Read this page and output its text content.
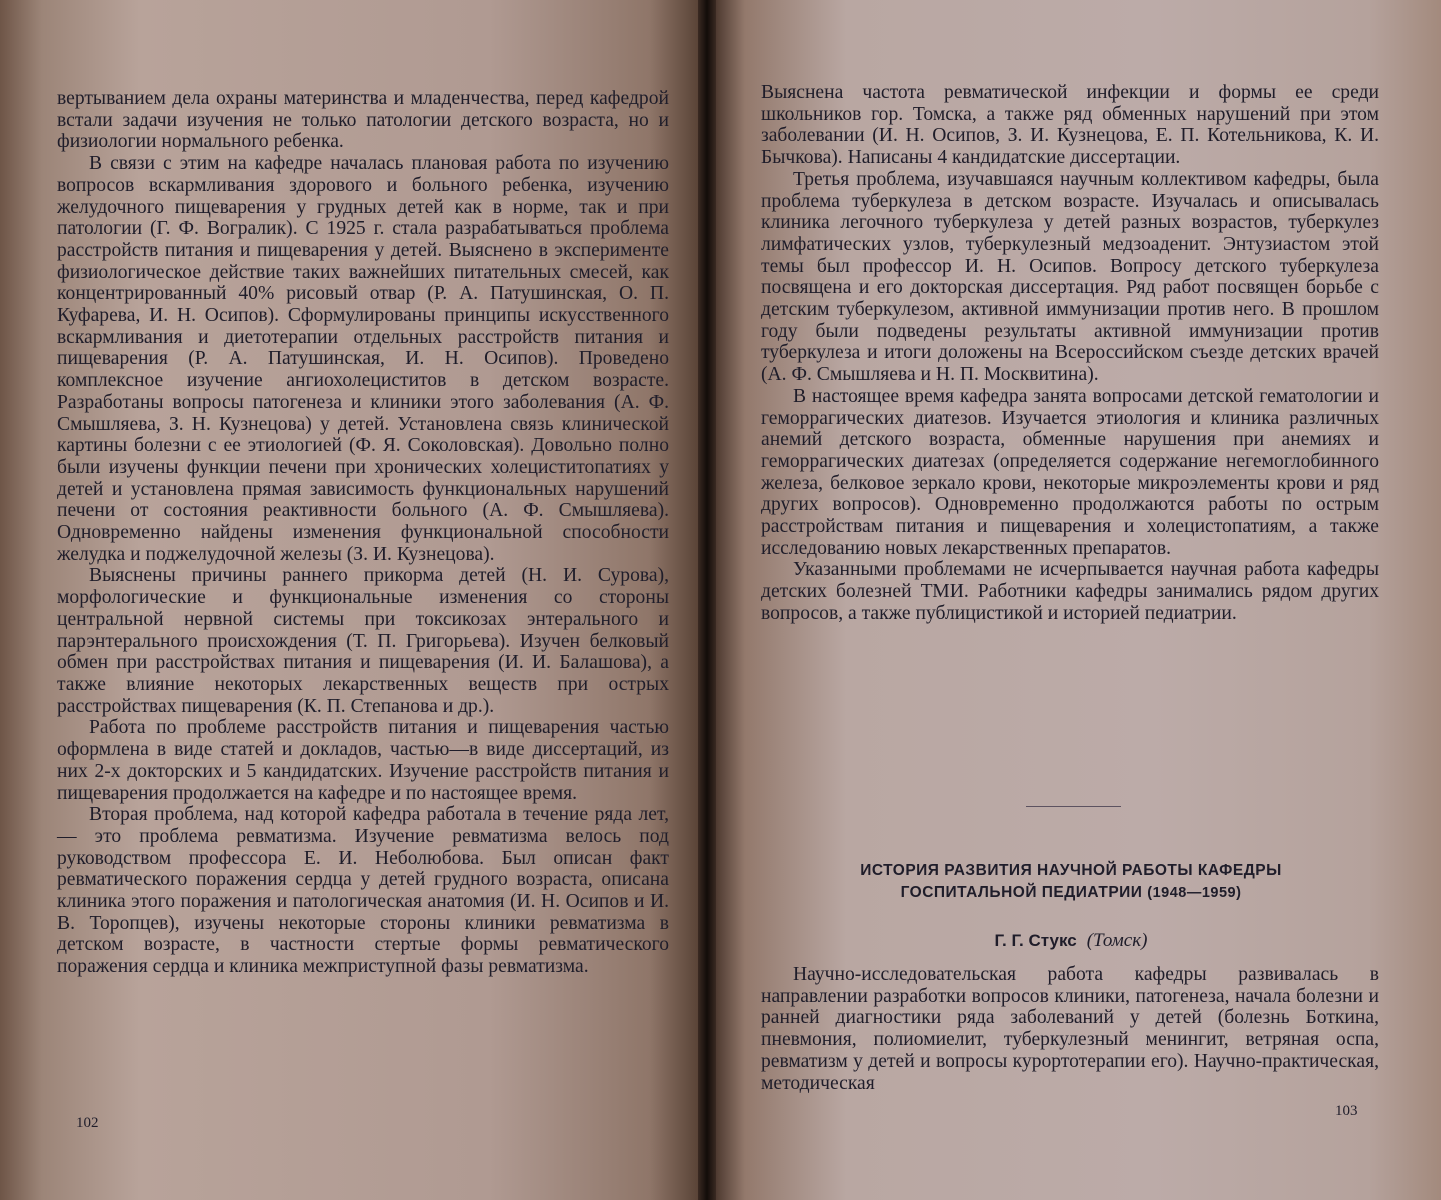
вертыванием дела охраны материнства и младенчества, перед кафедрой встали задачи изучения не только патологии детского возраста, но и физиологии нормального ребенка.

В связи с этим на кафедре началась плановая работа по изучению вопросов вскармливания здорового и больного ребенка, изучению желудочного пищеварения у грудных детей как в норме, так и при патологии (Г. Ф. Вогралик). С 1925 г. стала разрабатываться проблема расстройств питания и пищеварения у детей. Выяснено в эксперименте физиологическое действие таких важнейших питательных смесей, как концентрированный 40% рисовый отвар (Р. А. Патушинская, О. П. Куфарева, И. Н. Осипов). Сформулированы принципы искусственного вскармливания и диетотерапии отдельных расстройств питания и пищеварения (Р. А. Патушинская, И. Н. Осипов). Проведено комплексное изучение ангиохолециститов в детском возрасте. Разработаны вопросы патогенеза и клиники этого заболевания (А. Ф. Смышляева, З. Н. Кузнецова) у детей. Установлена связь клинической картины болезни с ее этиологией (Ф. Я. Соколовская). Довольно полно были изучены функции печени при хронических холециститопатиях у детей и установлена прямая зависимость функциональных нарушений печени от состояния реактивности больного (А. Ф. Смышляева). Одновременно найдены изменения функциональной способности желудка и поджелудочной железы (З. И. Кузнецова).

Выяснены причины раннего прикорма детей (Н. И. Сурова), морфологические и функциональные изменения со стороны центральной нервной системы при токсикозах энтерального и парэнтерального происхождения (Т. П. Григорьева). Изучен белковый обмен при расстройствах питания и пищеварения (И. И. Балашова), а также влияние некоторых лекарственных веществ при острых расстройствах пищеварения (К. П. Степанова и др.).

Работа по проблеме расстройств питания и пищеварения частью оформлена в виде статей и докладов, частью—в виде диссертаций, из них 2-х докторских и 5 кандидатских. Изучение расстройств питания и пищеварения продолжается на кафедре и по настоящее время.

Вторая проблема, над которой кафедра работала в течение ряда лет, — это проблема ревматизма. Изучение ревматизма велось под руководством профессора Е. И. Неболюбова. Был описан факт ревматического поражения сердца у детей грудного возраста, описана клиника этого поражения и патологическая анатомия (И. Н. Осипов и И. В. Торопцев), изучены некоторые стороны клиники ревматизма в детском возрасте, в частности стертые формы ревматического поражения сердца и клиника межприступной фазы ревматизма.

102

Выяснена частота ревматической инфекции и формы ее среди школьников гор. Томска, а также ряд обменных нарушений при этом заболевании (И. Н. Осипов, З. И. Кузнецова, Е. П. Котельникова, К. И. Бычкова). Написаны 4 кандидатские диссертации.

Третья проблема, изучавшаяся научным коллективом кафедры, была проблема туберкулеза в детском возрасте. Изучалась и описывалась клиника легочного туберкулеза у детей разных возрастов, туберкулез лимфатических узлов, туберкулезный медзоаденит. Энтузиастом этой темы был профессор И. Н. Осипов. Вопросу детского туберкулеза посвящена и его докторская диссертация. Ряд работ посвящен борьбе с детским туберкулезом, активной иммунизации против него. В прошлом году были подведены результаты активной иммунизации против туберкулеза и итоги доложены на Всероссийском съезде детских врачей (А. Ф. Смышляева и Н. П. Москвитина).

В настоящее время кафедра занята вопросами детской гематологии и геморрагических диатезов. Изучается этиология и клиника различных анемий детского возраста, обменные нарушения при анемиях и геморрагических диатезах (определяется содержание негемоглобинного железа, белковое зеркало крови, некоторые микроэлементы крови и ряд других вопросов). Одновременно продолжаются работы по острым расстройствам питания и пищеварения и холецистопатиям, а также исследованию новых лекарственных препаратов.

Указанными проблемами не исчерпывается научная работа кафедры детских болезней ТМИ. Работники кафедры занимались рядом других вопросов, а также публицистикой и историей педиатрии.

Научно-исследовательская работа кафедры развивалась в направлении разработки вопросов клиники, патогенеза, начала болезни и ранней диагностики ряда заболеваний у детей (болезнь Боткина, пневмония, полиомиелит, туберкулезный менингит, ветряная оспа, ревматизм у детей и вопросы курортотерапии его). Научно-практическая, методическая

ИСТОРИЯ РАЗВИТИЯ НАУЧНОЙ РАБОТЫ КАФЕДРЫ
ГОСПИТАЛЬНОЙ ПЕДИАТРИИ (1948—1959)
Г. Г. Стукс (Томск)
103
